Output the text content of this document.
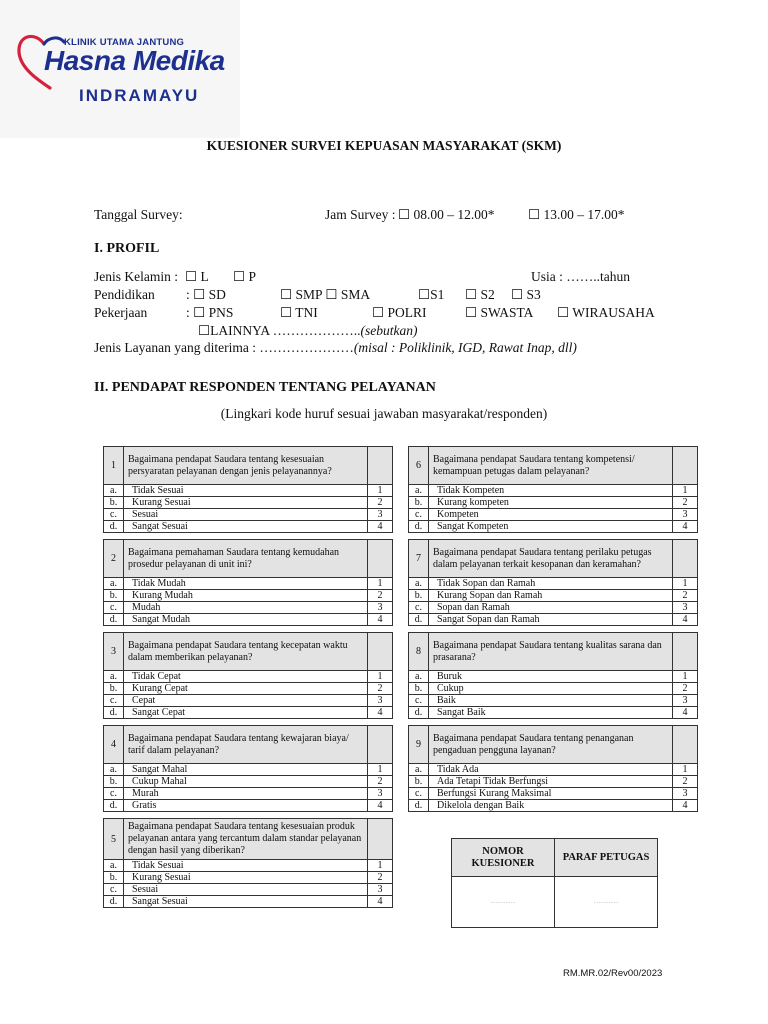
KLINIK UTAMA JANTUNG
Hasna Medika
INDRAMAYU
KUESIONER SURVEI KEPUASAN MASYARAKAT (SKM)
Tanggal Survey:	Jam Survey : ☐ 08.00 – 12.00* ☐ 13.00 – 17.00*
I. PROFIL
Jenis Kelamin : ☐ L ☐ P	Usia : ……..tahun
Pendidikan : ☐ SD	☐ SMP ☐ SMA	☐S1 ☐ S2 ☐ S3
Pekerjaan	: ☐ PNS	☐ TNI	☐ POLRI	☐ SWASTA ☐ WIRAUSAHA
☐LAINNYA ………………..(sebutkan)
Jenis Layanan yang diterima : …………………(misal : Poliklinik, IGD, Rawat Inap, dll)
II. PENDAPAT RESPONDEN TENTANG PELAYANAN
(Lingkari kode huruf sesuai jawaban masyarakat/responden)
1	Bagaimana pendapat Saudara tentang kesesuaian persyaratan pelayanan dengan jenis pelayanannya?	
a.	Tidak Sesuai	1
b.	Kurang Sesuai	2
c.	Sesuai	3
d.	Sangat Sesuai	4

2	Bagaimana pemahaman Saudara tentang kemudahan prosedur pelayanan di unit ini?	
a.	Tidak Mudah	1
b.	Kurang Mudah	2
c.	Mudah	3
d.	Sangat Mudah	4

3	Bagaimana pendapat Saudara tentang kecepatan waktu dalam memberikan pelayanan?	
a.	Tidak Cepat	1
b.	Kurang Cepat	2
c.	Cepat	3
d.	Sangat Cepat	4

4	Bagaimana pendapat Saudara tentang kewajaran biaya/ tarif dalam pelayanan?	
a.	Sangat Mahal	1
b.	Cukup Mahal	2
c.	Murah	3
d.	Gratis	4

5	Bagaimana pendapat Saudara tentang kesesuaian produk pelayanan antara yang tercantum dalam standar pelayanan dengan hasil yang diberikan?	
a.	Tidak Sesuai	1
b.	Kurang Sesuai	2
c.	Sesuai	3
d.	Sangat Sesuai	4
6	Bagaimana pendapat Saudara tentang kompetensi/ kemampuan petugas dalam pelayanan?	
a.	Tidak Kompeten	1
b.	Kurang kompeten	2
c.	Kompeten	3
d.	Sangat Kompeten	4

7	Bagaimana pendapat Saudara tentang perilaku petugas dalam pelayanan terkait kesopanan dan keramahan?	
a.	Tidak Sopan dan Ramah	1
b.	Kurang Sopan dan Ramah	2
c.	Sopan dan Ramah	3
d.	Sangat Sopan dan Ramah	4

8	Bagaimana pendapat Saudara tentang kualitas sarana dan prasarana?	
a.	Buruk	1
b.	Cukup	2
c.	Baik	3
d.	Sangat Baik	4

9	Bagaimana pendapat Saudara tentang penanganan pengaduan pengguna layanan?	
a.	Tidak Ada	1
b.	Ada Tetapi Tidak Berfungsi	2
c.	Berfungsi Kurang Maksimal	3
d.	Dikelola dengan Baik	4
NOMOR KUESIONER	PARAF PETUGAS
……………	……………
RM.MR.02/Rev00/2023
